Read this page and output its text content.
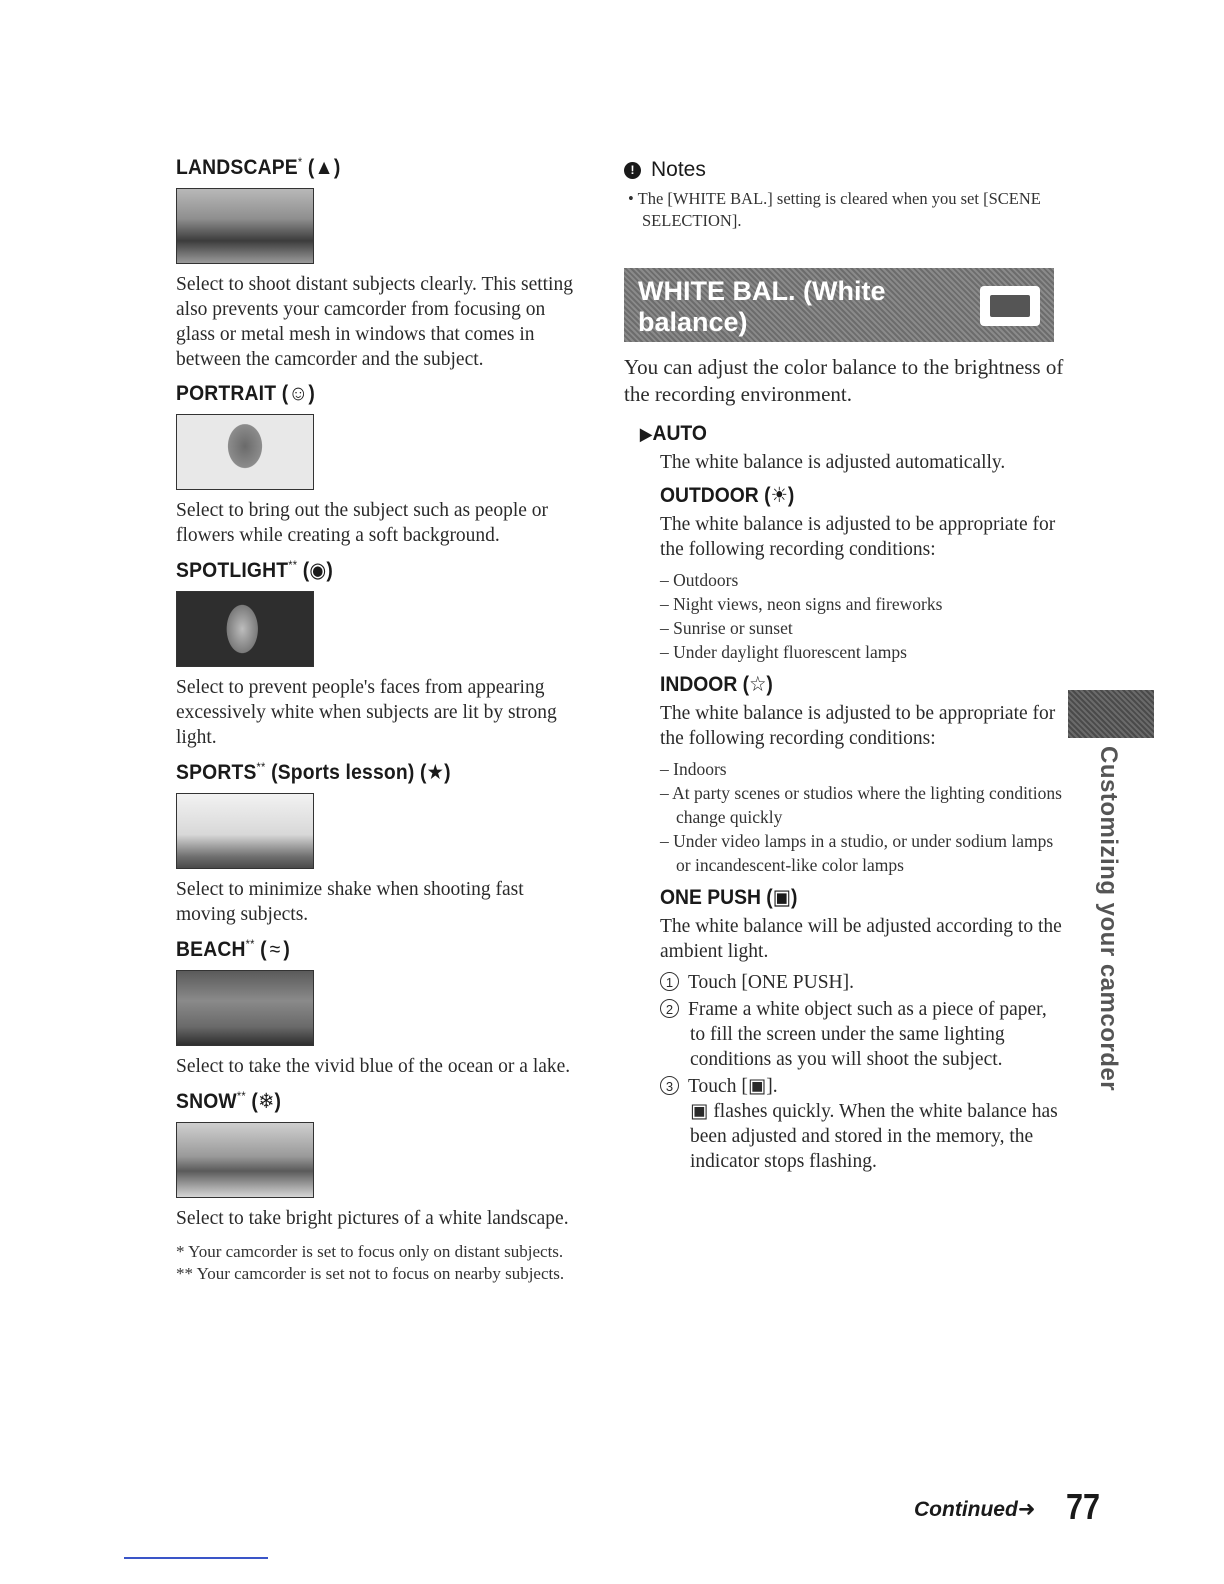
LANDSCAPE* (▲)

Select to shoot distant subjects clearly. This setting also prevents your camcorder from focusing on glass or metal mesh in windows that comes in between the camcorder and the subject.

PORTRAIT (☺)

Select to bring out the subject such as people or flowers while creating a soft background.

SPOTLIGHT** (◉)

Select to prevent people's faces from appearing excessively white when subjects are lit by strong light.

SPORTS** (Sports lesson) (★)

Select to minimize shake when shooting fast moving subjects.

BEACH** ( ≈ )

Select to take the vivid blue of the ocean or a lake.

SNOW** (❄)

Select to take bright pictures of a white landscape.

* Your camcorder is set to focus only on distant subjects.

** Your camcorder is set not to focus on nearby subjects.

! Notes

• The [WHITE BAL.] setting is cleared when you set [SCENE SELECTION].

WHITE BAL. (White balance)

You can adjust the color balance to the brightness of the recording environment.

▶AUTO

The white balance is adjusted automatically.

OUTDOOR (☀)

The white balance is adjusted to be appropriate for the following recording conditions:

– Outdoors
– Night views, neon signs and fireworks
– Sunrise or sunset
– Under daylight fluorescent lamps
INDOOR (☆)

The white balance is adjusted to be appropriate for the following recording conditions:

– Indoors
– At party scenes or studios where the lighting conditions change quickly
– Under video lamps in a studio, or under sodium lamps or incandescent-like color lamps
ONE PUSH (▣)

The white balance will be adjusted according to the ambient light.

1 Touch [ONE PUSH].
2 Frame a white object such as a piece of paper, to fill the screen under the same lighting conditions as you will shoot the subject.
3 Touch [▣].
▣ flashes quickly. When the white balance has been adjusted and stored in the memory, the indicator stops flashing.
Customizing your camcorder
Continued➜ 77
